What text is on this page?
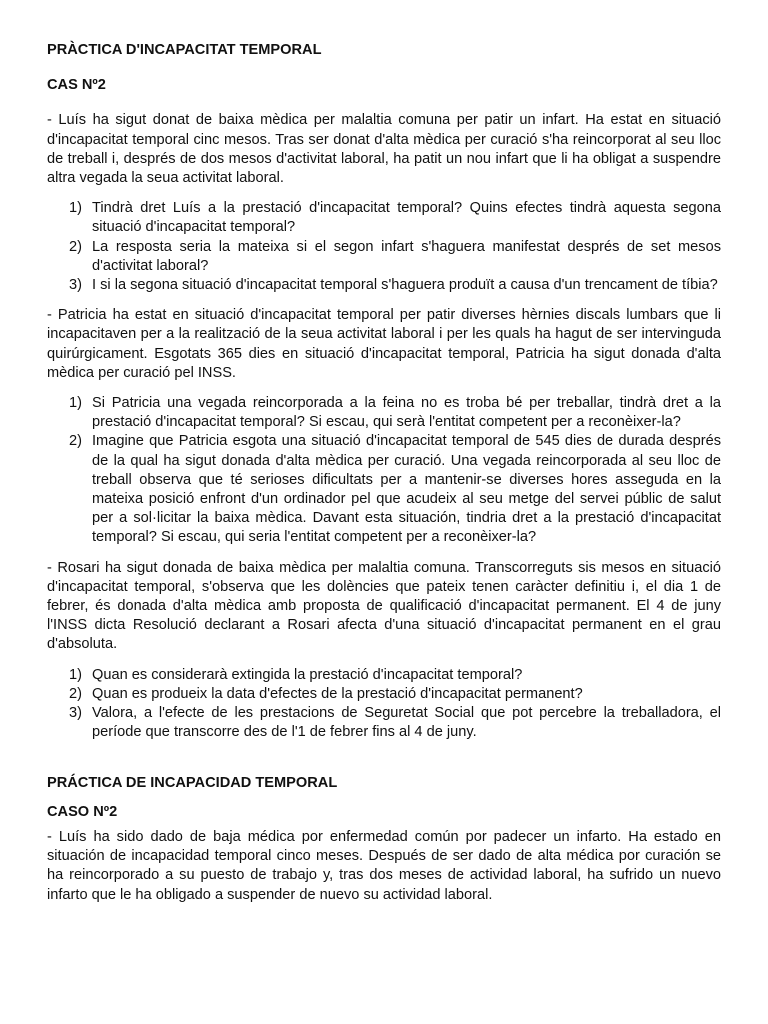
PRÀCTICA D'INCAPACITAT TEMPORAL

CAS Nº2

- Luís ha sigut donat de baixa mèdica per malaltia comuna per patir un infart. Ha estat en situació d'incapacitat temporal cinc mesos. Tras ser donat d'alta mèdica per curació s'ha reincorporat al seu lloc de treball i, després de dos mesos d'activitat laboral, ha patit un nou infart que li ha obligat a suspendre altra vegada la seua activitat laboral.

1) Tindrà dret Luís a la prestació d'incapacitat temporal? Quins efectes tindrà aquesta segona situació d'incapacitat temporal?
2) La resposta seria la mateixa si el segon infart s'haguera manifestat després de set mesos d'activitat laboral?
3) I si la segona situació d'incapacitat temporal s'haguera produït a causa d'un trencament de tíbia?

- Patricia ha estat en situació d'incapacitat temporal per patir diverses hèrnies discals lumbars que li incapacitaven per a la realització de la seua activitat laboral i per les quals ha hagut de ser intervinguda quirúrgicament. Esgotats 365 dies en situació d'incapacitat temporal, Patricia ha sigut donada d'alta mèdica per curació pel INSS.

1) Si Patricia una vegada reincorporada a la feina no es troba bé per treballar, tindrà dret a la prestació d'incapacitat temporal? Si escau, qui serà l'entitat competent per a reconèixer-la?
2) Imagine que Patricia esgota una situació d'incapacitat temporal de 545 dies de durada després de la qual ha sigut donada d'alta mèdica per curació. Una vegada reincorporada al seu lloc de treball observa que té serioses dificultats per a mantenir-se diverses hores asseguda en la mateixa posició enfront d'un ordinador pel que acudeix al seu metge del servei públic de salut per a sol·licitar la baixa mèdica. Davant esta situación, tindria dret a la prestació d'incapacitat temporal? Si escau, qui seria l'entitat competent per a reconèixer-la?

- Rosari ha sigut donada de baixa mèdica per malaltia comuna. Transcorreguts sis mesos en situació d'incapacitat temporal, s'observa que les dolències que pateix tenen caràcter definitiu i, el dia 1 de febrer, és donada d'alta mèdica amb proposta de qualificació d'incapacitat permanent. El 4 de juny l'INSS dicta Resolució declarant a Rosari afecta d'una situació d'incapacitat permanent en el grau d'absoluta.

1) Quan es considerarà extingida la prestació d'incapacitat temporal?
2) Quan es produeix la data d'efectes de la prestació d'incapacitat permanent?
3) Valora, a l'efecte de les prestacions de Seguretat Social que pot percebre la treballadora, el període que transcorre des de l'1 de febrer fins al 4 de juny.

PRÁCTICA DE INCAPACIDAD TEMPORAL

CASO Nº2

- Luís ha sido dado de baja médica por enfermedad común por padecer un infarto. Ha estado en situación de incapacidad temporal cinco meses. Después de ser dado de alta médica por curación se ha reincorporado a su puesto de trabajo y, tras dos meses de actividad laboral, ha sufrido un nuevo infarto que le ha obligado a suspender de nuevo su actividad laboral.
